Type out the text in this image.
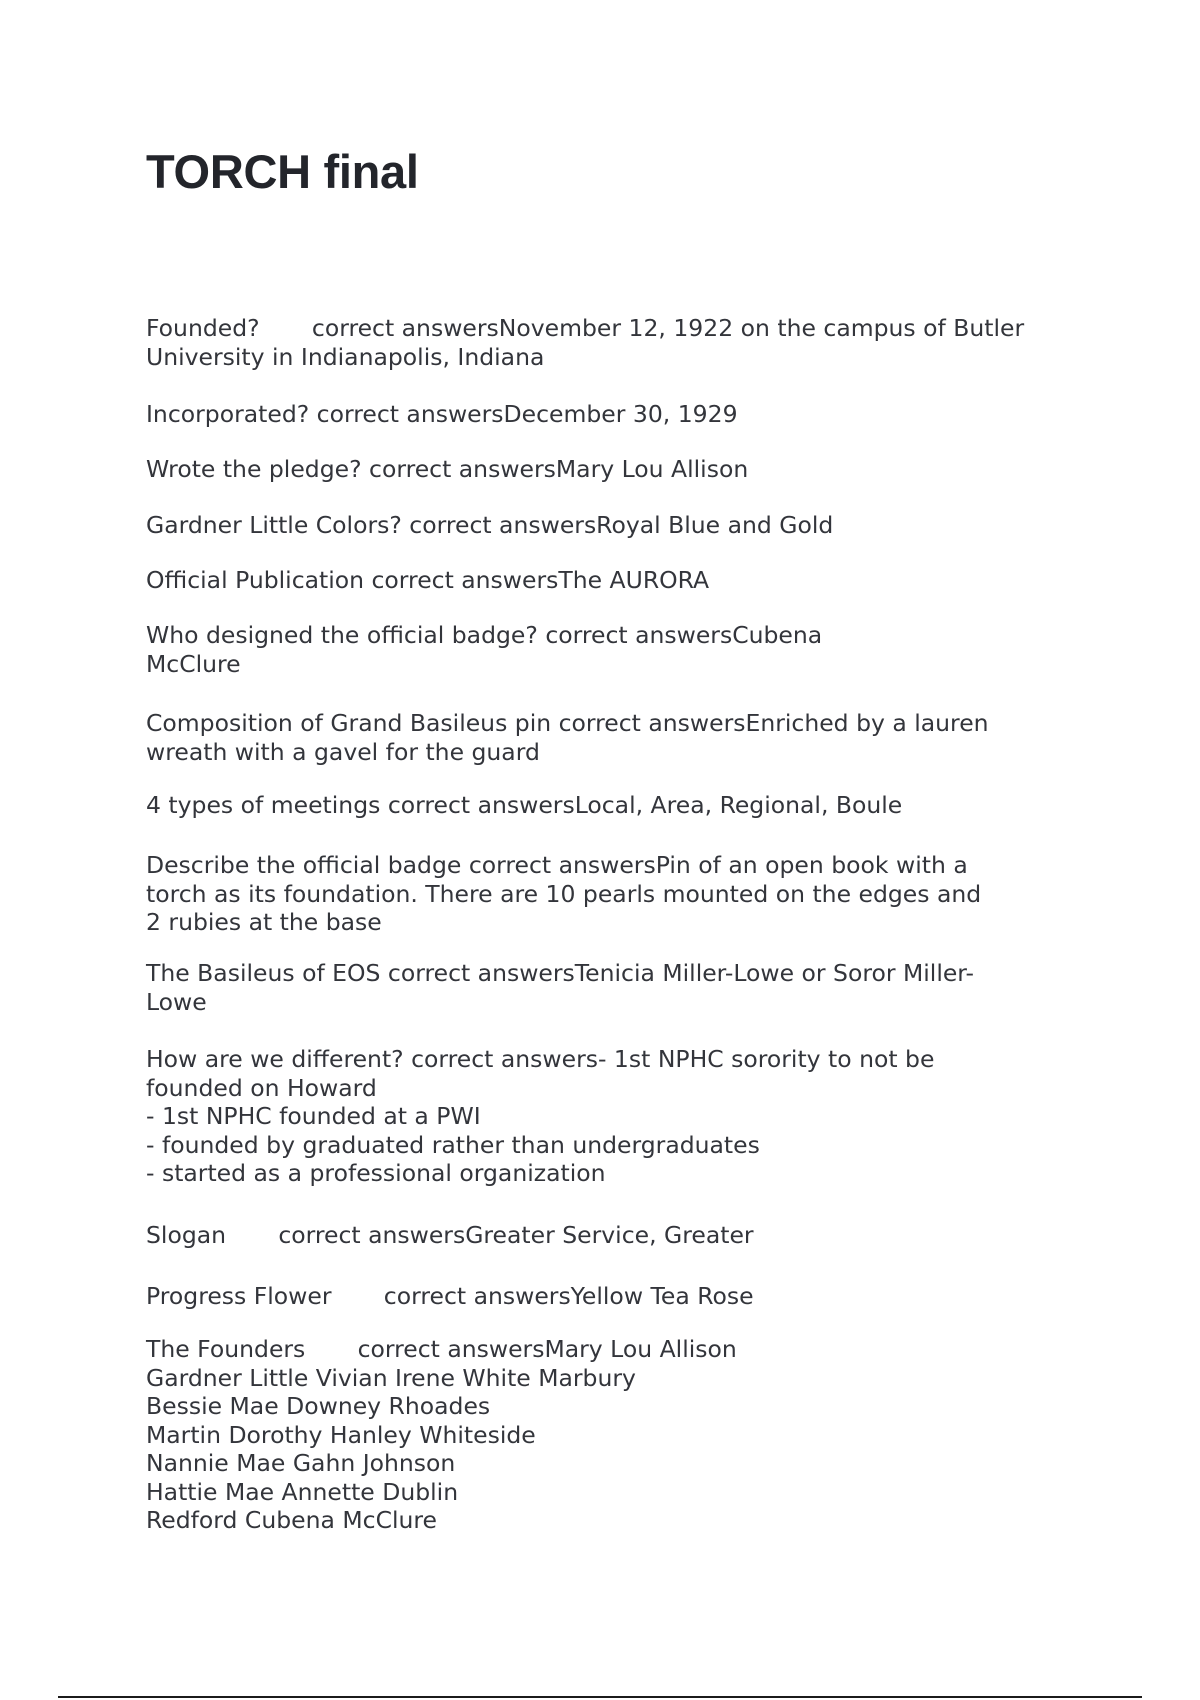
TORCH final

Founded?       correct answersNovember 12, 1922 on the campus of Butler
University in Indianapolis, Indiana

Incorporated? correct answersDecember 30, 1929

Wrote the pledge? correct answersMary Lou Allison

Gardner Little Colors? correct answersRoyal Blue and Gold

Official Publication correct answersThe AURORA

Who designed the official badge? correct answersCubena
McClure

Composition of Grand Basileus pin correct answersEnriched by a lauren
wreath with a gavel for the guard

4 types of meetings correct answersLocal, Area, Regional, Boule

Describe the official badge correct answersPin of an open book with a
torch as its foundation. There are 10 pearls mounted on the edges and
2 rubies at the base

The Basileus of EOS correct answersTenicia Miller-Lowe or Soror Miller-
Lowe

How are we different? correct answers- 1st NPHC sorority to not be
founded on Howard
- 1st NPHC founded at a PWI
- founded by graduated rather than undergraduates
- started as a professional organization

Slogan       correct answersGreater Service, Greater

Progress Flower       correct answersYellow Tea Rose

The Founders       correct answersMary Lou Allison
Gardner Little Vivian Irene White Marbury
Bessie Mae Downey Rhoades
Martin Dorothy Hanley Whiteside
Nannie Mae Gahn Johnson
Hattie Mae Annette Dublin
Redford Cubena McClure
